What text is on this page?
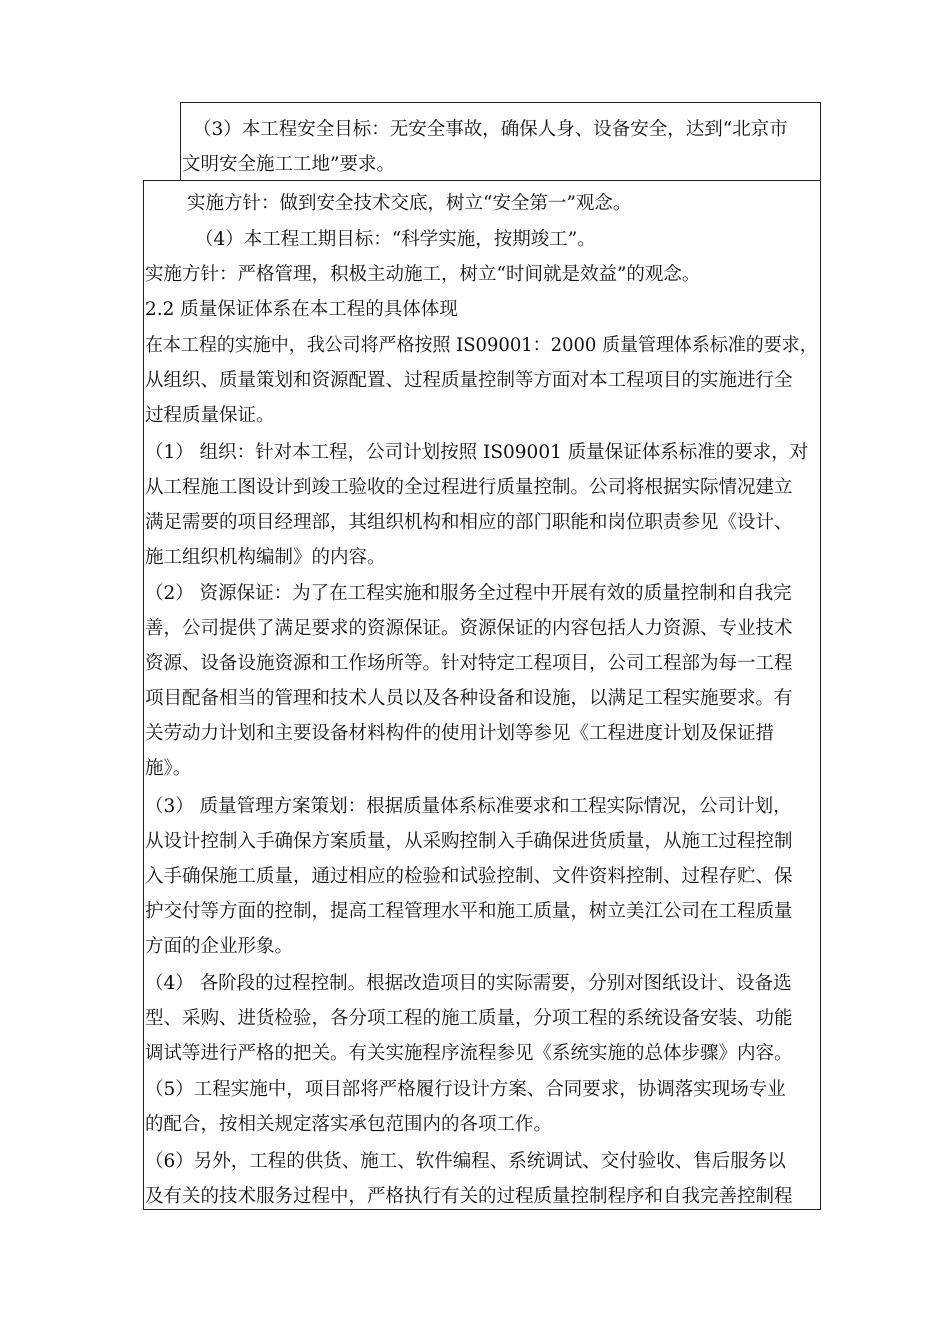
（3）本工程安全目标：无安全事故，确保人身、设备安全，达到“北京市
文明安全施工工地”要求。
实施方针：做到安全技术交底，树立“安全第一”观念。
（4）本工程工期目标：“科学实施，按期竣工”。
实施方针：严格管理，积极主动施工，树立“时间就是效益”的观念。
2.2 质量保证体系在本工程的具体体现
在本工程的实施中，我公司将严格按照 IS09001：2000 质量管理体系标准的要求，
从组织、质量策划和资源配置、过程质量控制等方面对本工程项目的实施进行全
过程质量保证。
（1） 组织：针对本工程，公司计划按照 IS09001 质量保证体系标准的要求，对
从工程施工图设计到竣工验收的全过程进行质量控制。公司将根据实际情况建立
满足需要的项目经理部，其组织机构和相应的部门职能和岗位职责参见《设计、
施工组织机构编制》的内容。
（2） 资源保证：为了在工程实施和服务全过程中开展有效的质量控制和自我完
善，公司提供了满足要求的资源保证。资源保证的内容包括人力资源、专业技术
资源、设备设施资源和工作场所等。针对特定工程项目，公司工程部为每一工程
项目配备相当的管理和技术人员以及各种设备和设施，以满足工程实施要求。有
关劳动力计划和主要设备材料构件的使用计划等参见《工程进度计划及保证措
施》。
（3） 质量管理方案策划：根据质量体系标准要求和工程实际情况，公司计划，
从设计控制入手确保方案质量，从采购控制入手确保进货质量，从施工过程控制
入手确保施工质量，通过相应的检验和试验控制、文件资料控制、过程存贮、保
护交付等方面的控制，提高工程管理水平和施工质量，树立美江公司在工程质量
方面的企业形象。
（4） 各阶段的过程控制。根据改造项目的实际需要，分别对图纸设计、设备选
型、采购、进货检验，各分项工程的施工质量，分项工程的系统设备安装、功能
调试等进行严格的把关。有关实施程序流程参见《系统实施的总体步骤》内容。
（5）工程实施中，项目部将严格履行设计方案、合同要求，协调落实现场专业
的配合，按相关规定落实承包范围内的各项工作。
（6）另外，工程的供货、施工、软件编程、系统调试、交付验收、售后服务以
及有关的技术服务过程中，严格执行有关的过程质量控制程序和自我完善控制程
